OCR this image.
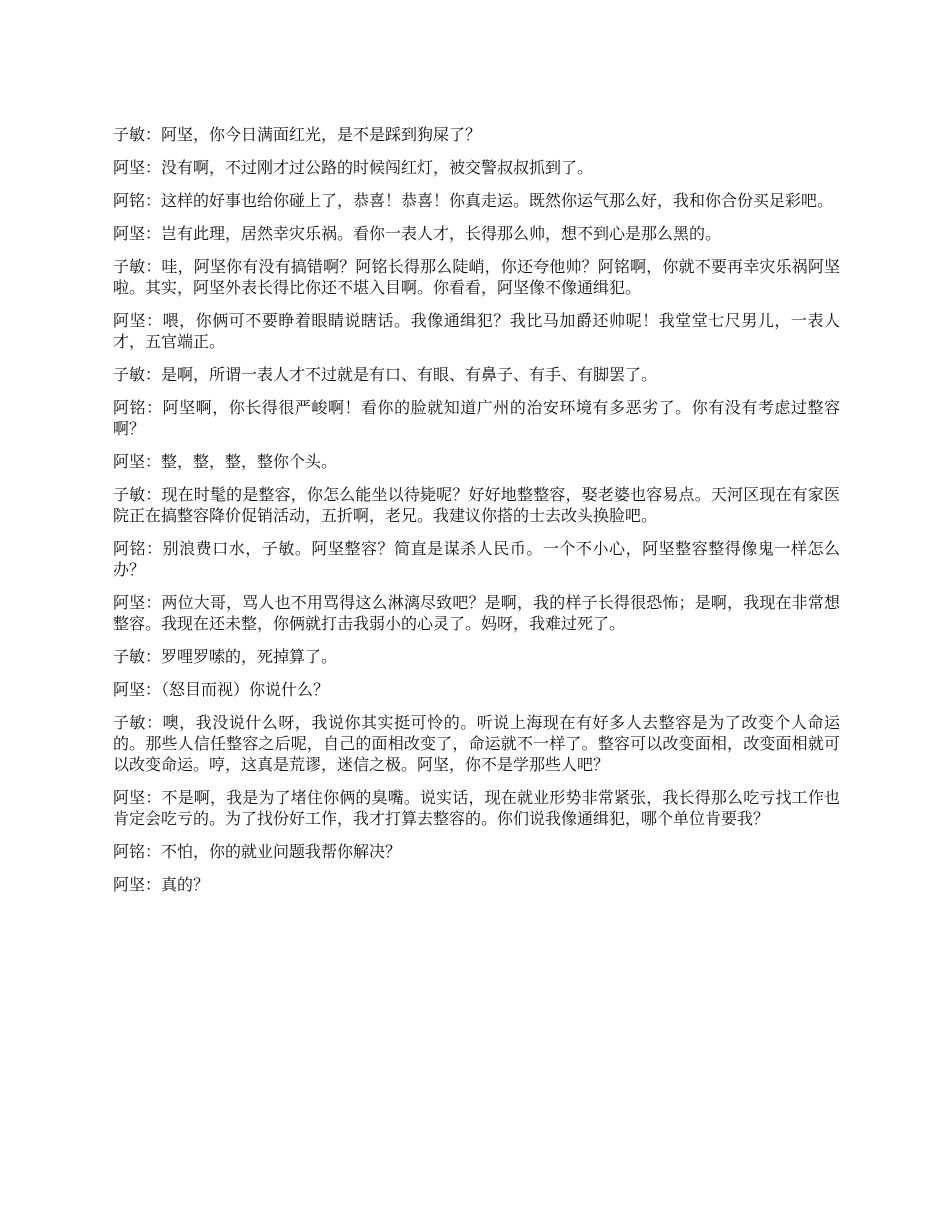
子敏：阿坚，你今日满面红光，是不是踩到狗屎了？

阿坚：没有啊，不过刚才过公路的时候闯红灯，被交警叔叔抓到了。

阿铭：这样的好事也给你碰上了，恭喜！恭喜！你真走运。既然你运气那么好，我和你合份买足彩吧。

阿坚：岂有此理，居然幸灾乐祸。看你一表人才，长得那么帅，想不到心是那么黑的。

子敏：哇，阿坚你有没有搞错啊？阿铭长得那么陡峭，你还夸他帅？阿铭啊，你就不要再幸灾乐祸阿坚啦。其实，阿坚外表长得比你还不堪入目啊。你看看，阿坚像不像通缉犯。

阿坚：喂，你俩可不要睁着眼睛说瞎话。我像通缉犯？我比马加爵还帅呢！我堂堂七尺男儿，一表人才，五官端正。

子敏：是啊，所谓一表人才不过就是有口、有眼、有鼻子、有手、有脚罢了。

阿铭：阿坚啊，你长得很严峻啊！看你的脸就知道广州的治安环境有多恶劣了。你有没有考虑过整容啊？

阿坚：整，整，整，整你个头。

子敏：现在时髦的是整容，你怎么能坐以待毙呢？好好地整整容，娶老婆也容易点。天河区现在有家医院正在搞整容降价促销活动，五折啊，老兄。我建议你搭的士去改头换脸吧。

阿铭：别浪费口水，子敏。阿坚整容？简直是谋杀人民币。一个不小心，阿坚整容整得像鬼一样怎么办？

阿坚：两位大哥，骂人也不用骂得这么淋漓尽致吧？是啊，我的样子长得很恐怖；是啊，我现在非常想整容。我现在还未整，你俩就打击我弱小的心灵了。妈呀，我难过死了。

子敏：罗哩罗嗦的，死掉算了。

阿坚：（怒目而视）你说什么？

子敏：噢，我没说什么呀，我说你其实挺可怜的。听说上海现在有好多人去整容是为了改变个人命运的。那些人信任整容之后呢，自己的面相改变了，命运就不一样了。整容可以改变面相，改变面相就可以改变命运。哼，这真是荒谬，迷信之极。阿坚，你不是学那些人吧？

阿坚：不是啊，我是为了堵住你俩的臭嘴。说实话，现在就业形势非常紧张，我长得那么吃亏找工作也肯定会吃亏的。为了找份好工作，我才打算去整容的。你们说我像通缉犯，哪个单位肯要我？

阿铭：不怕，你的就业问题我帮你解决？

阿坚：真的？
